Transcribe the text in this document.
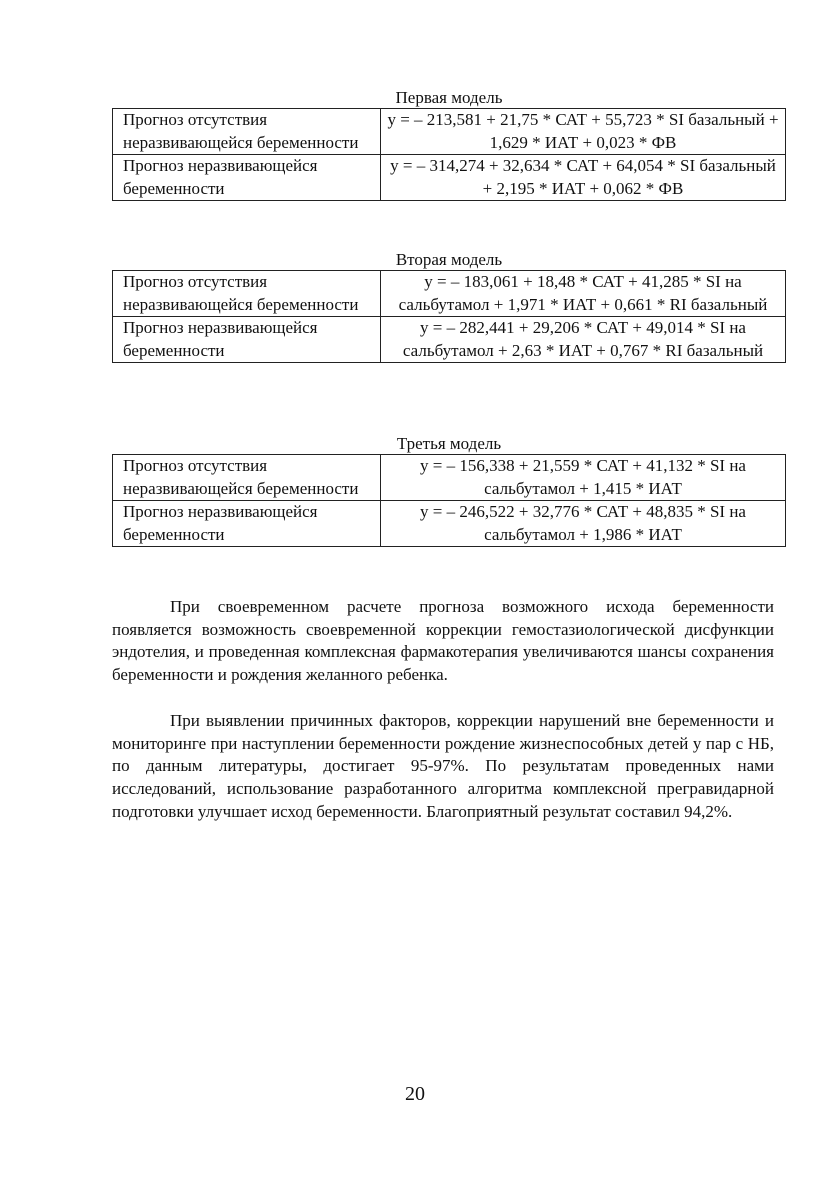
Первая модель
Прогноз отсутствия неразвивающейся беременности	y = – 213,581 + 21,75 * САТ + 55,723 * SI базальный + 1,629 * ИАТ + 0,023 * ФВ
Прогноз неразвивающейся беременности	y = – 314,274 + 32,634 * САТ + 64,054 * SI базальный + 2,195 * ИАТ + 0,062 * ФВ
Вторая модель
Прогноз отсутствия неразвивающейся беременности	y = – 183,061 + 18,48 * САТ + 41,285 * SI на сальбутамол + 1,971 * ИАТ + 0,661 * RI базальный
Прогноз неразвивающейся беременности	y = – 282,441 + 29,206 * САТ + 49,014 * SI на сальбутамол + 2,63 * ИАТ + 0,767 * RI базальный
Третья модель
Прогноз отсутствия неразвивающейся беременности	y = – 156,338 + 21,559 * САТ + 41,132 * SI на сальбутамол + 1,415 * ИАТ
Прогноз неразвивающейся беременности	y = – 246,522 + 32,776 * САТ + 48,835 * SI на сальбутамол + 1,986 * ИАТ

При своевременном расчете прогноза возможного исхода беременности появляется возможность своевременной коррекции гемостазиологической дисфункции эндотелия, и проведенная комплексная фармакотерапия увеличиваются шансы сохранения беременности и рождения желанного ребенка.

При выявлении причинных факторов, коррекции нарушений вне беременности и мониторинге при наступлении беременности рождение жизнеспособных детей у пар с НБ, по данным литературы, достигает 95-97%. По результатам проведенных нами исследований, использование разработанного алгоритма комплексной прегравидарной подготовки улучшает исход беременности. Благоприятный результат составил 94,2%.

20
